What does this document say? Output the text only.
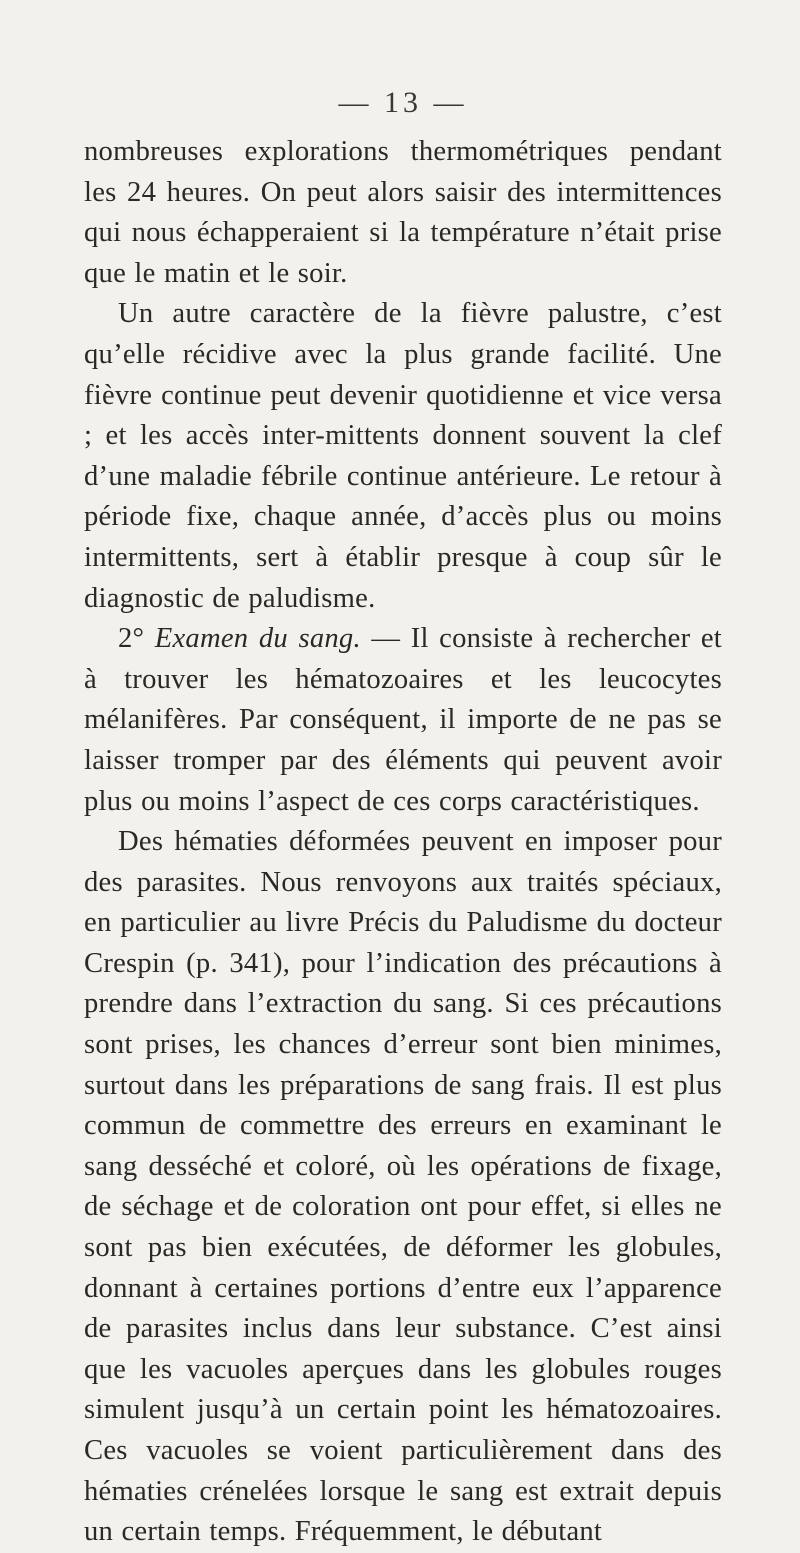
— 13 —

nombreuses explorations thermométriques pendant les 24 heures. On peut alors saisir des intermittences qui nous échapperaient si la température n’était prise que le matin et le soir.

Un autre caractère de la fièvre palustre, c’est qu’elle récidive avec la plus grande facilité. Une fièvre continue peut devenir quotidienne et vice versa ; et les accès inter-mittents donnent souvent la clef d’une maladie fébrile continue antérieure. Le retour à période fixe, chaque année, d’accès plus ou moins intermittents, sert à établir presque à coup sûr le diagnostic de paludisme.

2° Examen du sang. — Il consiste à rechercher et à trouver les hématozoaires et les leucocytes mélanifères. Par conséquent, il importe de ne pas se laisser tromper par des éléments qui peuvent avoir plus ou moins l’aspect de ces corps caractéristiques.

Des hématies déformées peuvent en imposer pour des parasites. Nous renvoyons aux traités spéciaux, en particulier au livre Précis du Paludisme du docteur Crespin (p. 341), pour l’indication des précautions à prendre dans l’extraction du sang. Si ces précautions sont prises, les chances d’erreur sont bien minimes, surtout dans les préparations de sang frais. Il est plus commun de commettre des erreurs en examinant le sang desséché et coloré, où les opérations de fixage, de séchage et de coloration ont pour effet, si elles ne sont pas bien exécutées, de déformer les globules, donnant à certaines portions d’entre eux l’apparence de parasites inclus dans leur substance. C’est ainsi que les vacuoles aperçues dans les globules rouges simulent jusqu’à un certain point les hématozoaires. Ces vacuoles se voient particulièrement dans des hématies crénelées lorsque le sang est extrait depuis un certain temps. Fréquemment, le débutant
